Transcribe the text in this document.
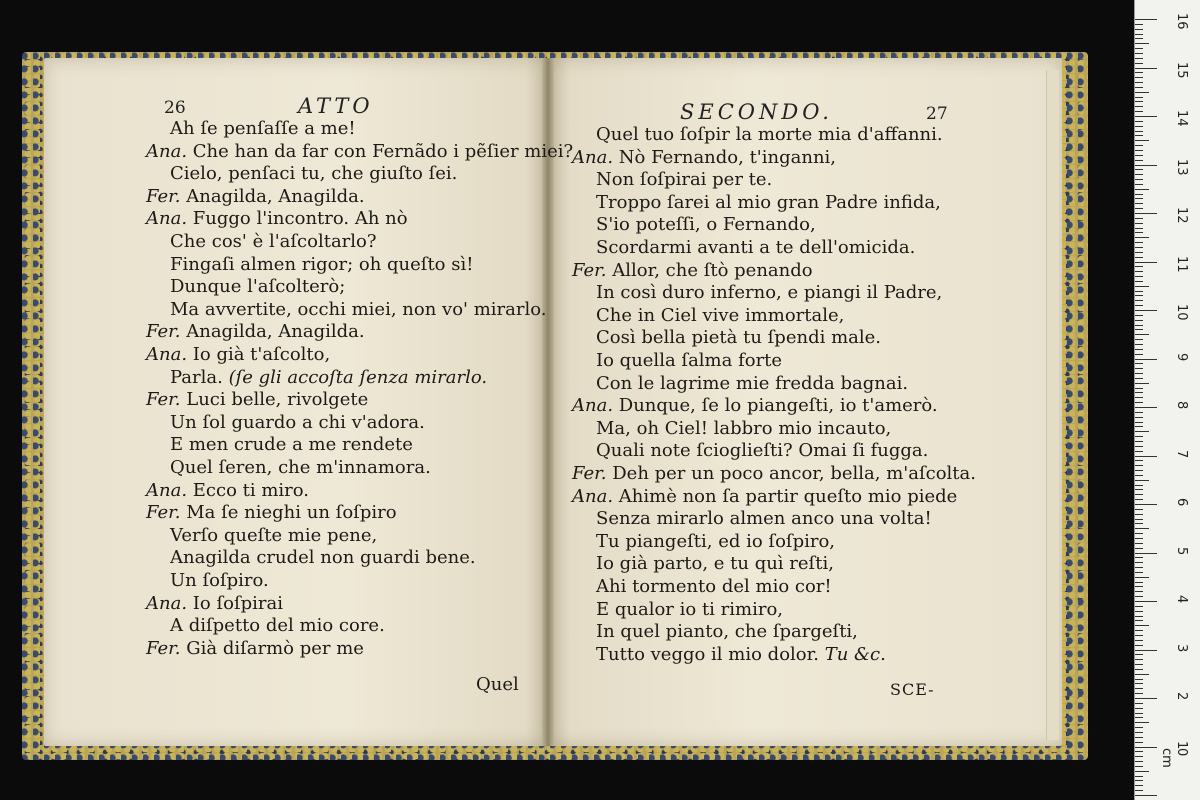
26	ATTO	SECONDO.	27
Ah ſe penſaſſe a me!
Ana. Che han da far con Fernãdo i pẽſier miei?
Cielo, penſaci tu, che giuſto ſei.
Fer. Anagilda, Anagilda.
Ana. Fuggo l'incontro. Ah nò
Che cos' è l'aſcoltarlo?
Fingaſi almen rigor; oh queſto sì!
Dunque l'aſcolterò;
Ma avvertite, occhi miei, non vo' mirarlo.
Fer. Anagilda, Anagilda.
Ana. Io già t'aſcolto,
Parla. (ſe gli accoſta ſenza mirarlo.
Fer. Luci belle, rivolgete
Un ſol guardo a chi v'adora.
E men crude a me rendete
Quel ſeren, che m'innamora.
Ana. Ecco ti miro.
Fer. Ma ſe nieghi un ſoſpiro
Verſo queſte mie pene,
Anagilda crudel non guardi bene.
Un ſoſpiro.
Ana. Io ſoſpirai
A diſpetto del mio core.
Fer. Già diſarmò per me
Quel tuo ſoſpir la morte mia d'affanni.
Ana. Nò Fernando, t'inganni,
Non ſoſpirai per te.
Troppo ſarei al mio gran Padre infida,
S'io poteſſi, o Fernando,
Scordarmi avanti a te dell'omicida.
Fer. Allor, che ſtò penando
In così duro inferno, e piangi il Padre,
Che in Ciel vive immortale,
Così bella pietà tu ſpendi male.
Io quella ſalma forte
Con le lagrime mie fredda bagnai.
Ana. Dunque, ſe lo piangeſti, io t'amerò.
Ma, oh Ciel! labbro mio incauto,
Quali note ſcioglieſti? Omai ſi fugga.
Fer. Deh per un poco ancor, bella, m'aſcolta.
Ana. Ahimè non ſa partir queſto mio piede
Senza mirarlo almen anco una volta!
Tu piangeſti, ed io ſoſpiro,
Io già parto, e tu quì reſti,
Ahi tormento del mio cor!
E qualor io ti rimiro,
In quel pianto, che ſpargeſti,
Tutto veggo il mio dolor. Tu &c.
Quel	SCE-
1
2
3
4
5
6
7
8
9
10
11
12
13
14
15
16
0 cm
